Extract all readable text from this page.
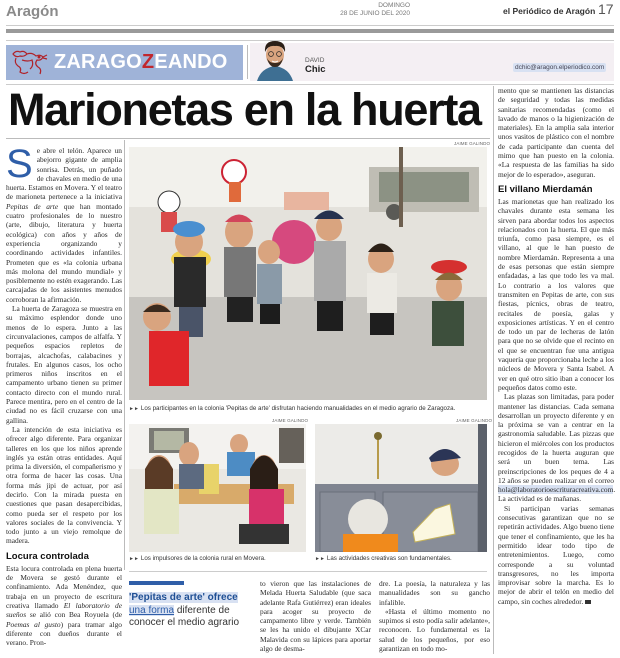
Aragón	DOMINGO
28 DE JUNIO DEL 2020	el Periódico de Aragón 17
ZARAGOZEANDO	DAVID
Chic	dchic@aragon.elperiodico.com
Marionetas en la huerta

Se abre el telón. Aparece un abejorro gigante de amplia sonrisa. Detrás, un puñado de chavales en medio de una huerta. Estamos en Movera. Y el teatro de marioneta pertenece a la iniciativa Pepitas de arte que han montado cuatro profesionales de lo nuestro (arte, dibujo, literatura y huerta ecológica) con años y años de experiencia organizando y coordinando actividades infantiles. Prometen que es «la colonia urbana más molona del mundo mundial» y posiblemente no estén exagerando. Las carcajadas de los asistentes menudos corroboran la afirmación.

La huerta de Zaragoza se muestra en su máximo esplendor donde uno menos de lo espera. Junto a las circunvalaciones, campos de alfalfa. Y pequeños espacios repletos de borrajas, alcachofas, calabacines y frutales. En algunos casos, los ocho primeros niños inscritos en el campamento urbano tienen su primer contacto directo con el mundo rural. Parece mentira, pero en el centro de la ciudad no es fácil cruzarse con una gallina.

La intención de esta iniciativa es ofrecer algo diferente. Para organizar talleres en los que los niños aprende inglés ya están otras entidades. Aquí prima la diversión, el compañerismo y otra forma de hacer las cosas. Una forma más jipi de actuar, por así decirlo. Con la mirada puesta en cuestiones que pasan desapercibidas, como pueda ser el respeto por los valores sociales de la convivencia. Y todo junto a un viejo remolque de madera.

Locura controlada

Esta locura controlada en plena huerta de Movera se gestó durante el confinamiento. Ada Menéndez, que trabaja en un proyecto de escritura creativa llamado El laboratorio de sueños se alió con Bea Royuela (de Poemas al gusto) para tramar algo diferente con dueños durante el verano. Pron-

JAIME GALINDO
►► Los participantes en la colonia 'Pepitas de arte' disfrutan haciendo manualidades en el medio agrario de Zaragoza.
JAIME GALINDO	JAIME GALINDO
►► Los impulsores de la colonia rural en Movera.	►► Las actividades creativas son fundamentales.
'Pepitas de arte' ofrece una forma diferente de conocer el medio agrario

to vieron que las instalaciones de Melada Huerta Saludable (que saca adelante Rafa Gutiérrez) eran ideales para acoger su proyecto de campamento libre y verde. También se les ha unido el dibujante XCar Malavida con su lápices para aportar algo de desma-

dre. La poesía, la naturaleza y las manualidades son su gancho infalible.

«Hasta el último momento no supimos si esto podía salir adelante», reconocen. Lo fundamental es la salud de los pequeños, por eso garantizan en todo mo-

mento que se mantienen las distancias de seguridad y todas las medidas sanitarias recomendadas (como el lavado de manos o la higienización de materiales). En la amplia sala interior unos vasitos de plástico con el nombre de cada participante dan cuenta del mimo que han puesto en la colonia. «La respuesta de las familias ha sido mejor de lo esperado», aseguran.

El villano Mierdamán

Las marionetas que han realizado los chavales durante esta semana les sirven para abordar todos los aspectos relacionados con la huerta. El que más triunfa, como pasa siempre, es el villano, al que le han puesto de nombre Mierdamán. Representa a una de esas personas que están siempre enfadadas, a las que todo les va mal. Lo contrario a los valores que transmiten en Pepitas de arte, con sus fiestas, pícnics, obras de teatro, recitales de poesía, galas y exposiciones artísticas. Y en el centro de todo un par de lecheras de latón para que no se olvide que el recinto en el que se encuentran fue una antigua vaquería que proporcionaba leche a los núcleos de Movera y Santa Isabel. A ver en qué otro sitio iban a conocer los pequeños datos como este.

Las plazas son limitadas, para poder mantener las distancias. Cada semana desarrollan un proyecto diferente y en la próxima se van a centrar en la gastronomía saludable. Las pizzas que hicieron el miércoles con los productos recogidos de la huerta auguran que será un buen tema. Las preinscripciones de los peques de 4 a 12 años se pueden realizar en el correo hola@laboratorioescrituracreativa.com. La actividad es de mañanas.

Si participan varias semanas consecutivas garantizan que no se repetirán actividades. Algo bueno tiene que tener el confinamiento, que les ha permitido idear todo tipo de entretenimientos. Luego, como corresponde a su voluntad transgresores, no les importa improvisar sobre la marcha. Es lo mejor de abrir el telón en medio del campo, sin coches alrededor.
